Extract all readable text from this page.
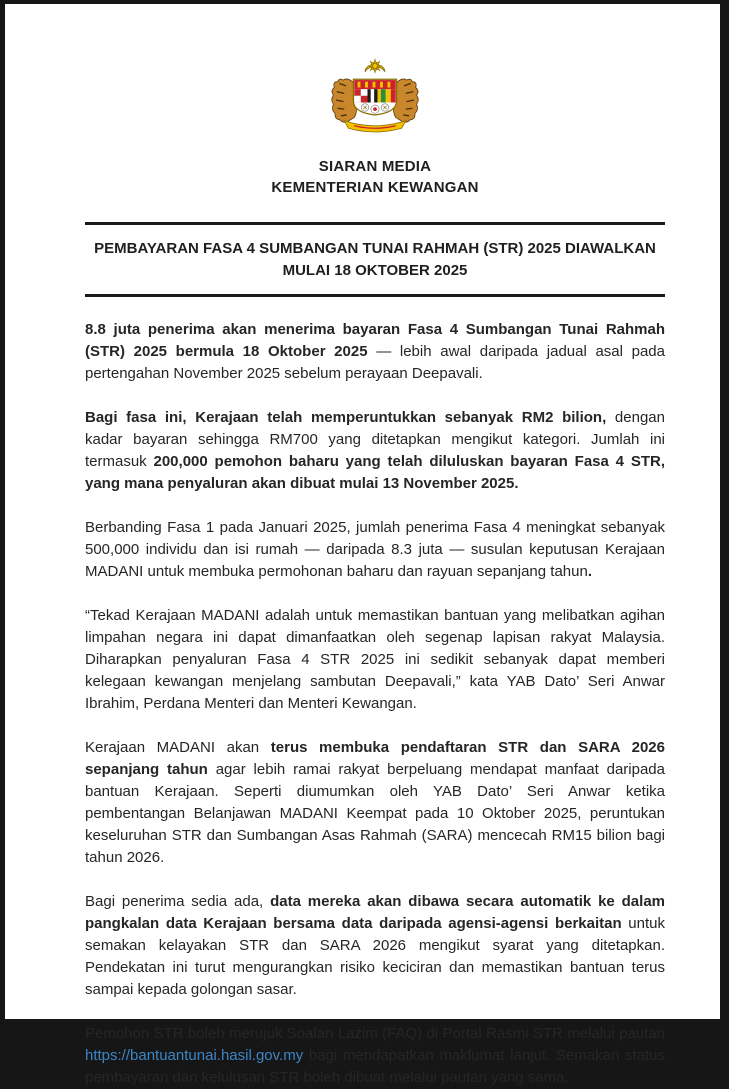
SIARAN MEDIA
KEMENTERIAN KEWANGAN
PEMBAYARAN FASA 4 SUMBANGAN TUNAI RAHMAH (STR) 2025 DIAWALKAN
MULAI 18 OKTOBER 2025

8.8 juta penerima akan menerima bayaran Fasa 4 Sumbangan Tunai Rahmah (STR) 2025 bermula 18 Oktober 2025 — lebih awal daripada jadual asal pada pertengahan November 2025 sebelum perayaan Deepavali.

Bagi fasa ini, Kerajaan telah memperuntukkan sebanyak RM2 bilion, dengan kadar bayaran sehingga RM700 yang ditetapkan mengikut kategori. Jumlah ini termasuk 200,000 pemohon baharu yang telah diluluskan bayaran Fasa 4 STR, yang mana penyaluran akan dibuat mulai 13 November 2025.

Berbanding Fasa 1 pada Januari 2025, jumlah penerima Fasa 4 meningkat sebanyak 500,000 individu dan isi rumah — daripada 8.3 juta — susulan keputusan Kerajaan MADANI untuk membuka permohonan baharu dan rayuan sepanjang tahun.

“Tekad Kerajaan MADANI adalah untuk memastikan bantuan yang melibatkan agihan limpahan negara ini dapat dimanfaatkan oleh segenap lapisan rakyat Malaysia. Diharapkan penyaluran Fasa 4 STR 2025 ini sedikit sebanyak dapat memberi kelegaan kewangan menjelang sambutan Deepavali,” kata YAB Dato’ Seri Anwar Ibrahim, Perdana Menteri dan Menteri Kewangan.

Kerajaan MADANI akan terus membuka pendaftaran STR dan SARA 2026 sepanjang tahun agar lebih ramai rakyat berpeluang mendapat manfaat daripada bantuan Kerajaan. Seperti diumumkan oleh YAB Dato’ Seri Anwar ketika pembentangan Belanjawan MADANI Keempat pada 10 Oktober 2025, peruntukan keseluruhan STR dan Sumbangan Asas Rahmah (SARA) mencecah RM15 bilion bagi tahun 2026.

Bagi penerima sedia ada, data mereka akan dibawa secara automatik ke dalam pangkalan data Kerajaan bersama data daripada agensi-agensi berkaitan untuk semakan kelayakan STR dan SARA 2026 mengikut syarat yang ditetapkan. Pendekatan ini turut mengurangkan risiko keciciran dan memastikan bantuan terus sampai kepada golongan sasar.

Pemohon STR boleh merujuk Soalan Lazim (FAQ) di Portal Rasmi STR melalui pautan https://bantuantunai.hasil.gov.my bagi mendapatkan maklumat lanjut. Semakan status pembayaran dan kelulusan STR boleh dibuat melalui pautan yang sama.
